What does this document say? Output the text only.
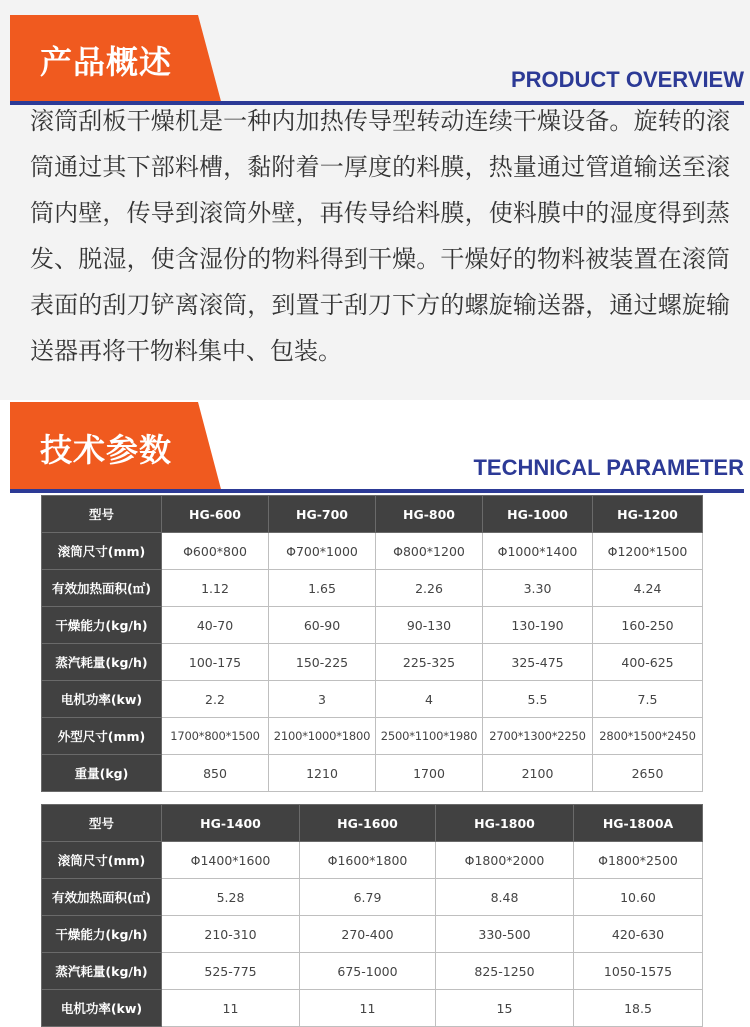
产品概述	PRODUCT OVERVIEW
滚筒刮板干燥机是一种内加热传导型转动连续干燥设备。旋转的滚筒通过其下部料槽，黏附着一厚度的料膜，热量通过管道输送至滚筒内壁，传导到滚筒外壁，再传导给料膜，使料膜中的湿度得到蒸发、脱湿，使含湿份的物料得到干燥。干燥好的物料被装置在滚筒表面的刮刀铲离滚筒，到置于刮刀下方的螺旋输送器，通过螺旋输送器再将干物料集中、包装。
技术参数	TECHNICAL PARAMETER
型号	HG-600	HG-700	HG-800	HG-1000	HG-1200
滚筒尺寸(mm)	Φ600*800	Φ700*1000	Φ800*1200	Φ1000*1400	Φ1200*1500
有效加热面积(㎡)	1.12	1.65	2.26	3.30	4.24
干燥能力(kg/h)	40-70	60-90	90-130	130-190	160-250
蒸汽耗量(kg/h)	100-175	150-225	225-325	325-475	400-625
电机功率(kw)	2.2	3	4	5.5	7.5
外型尺寸(mm)	1700*800*1500	2100*1000*1800	2500*1100*1980	2700*1300*2250	2800*1500*2450
重量(kg)	850	1210	1700	2100	2650
型号	HG-1400	HG-1600	HG-1800	HG-1800A
滚筒尺寸(mm)	Φ1400*1600	Φ1600*1800	Φ1800*2000	Φ1800*2500
有效加热面积(㎡)	5.28	6.79	8.48	10.60
干燥能力(kg/h)	210-310	270-400	330-500	420-630
蒸汽耗量(kg/h)	525-775	675-1000	825-1250	1050-1575
电机功率(kw)	11	11	15	18.5
